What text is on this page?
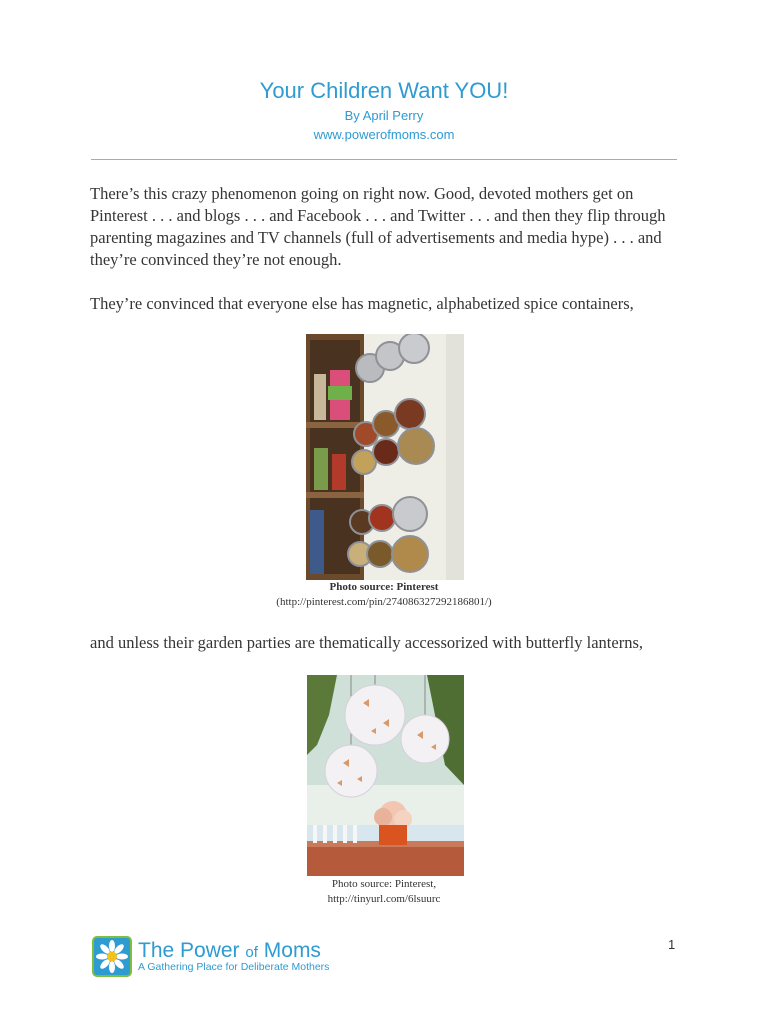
Your Children Want YOU!
By April Perry
www.powerofmoms.com

There’s this crazy phenomenon going on right now. Good, devoted mothers get on Pinterest . . . and blogs . . . and Facebook . . . and Twitter . . . and then they flip through parenting magazines and TV channels (full of advertisements and media hype) . . . and they’re convinced they’re not enough.

They’re convinced that everyone else has magnetic, alphabetized spice containers,

Photo source: Pinterest
(http://pinterest.com/pin/274086327292186801/)

and unless their garden parties are thematically accessorized with butterfly lanterns,

Photo source: Pinterest,
http://tinyurl.com/6lsuurc
The Power of Moms
A Gathering Place for Deliberate Mothers
1
